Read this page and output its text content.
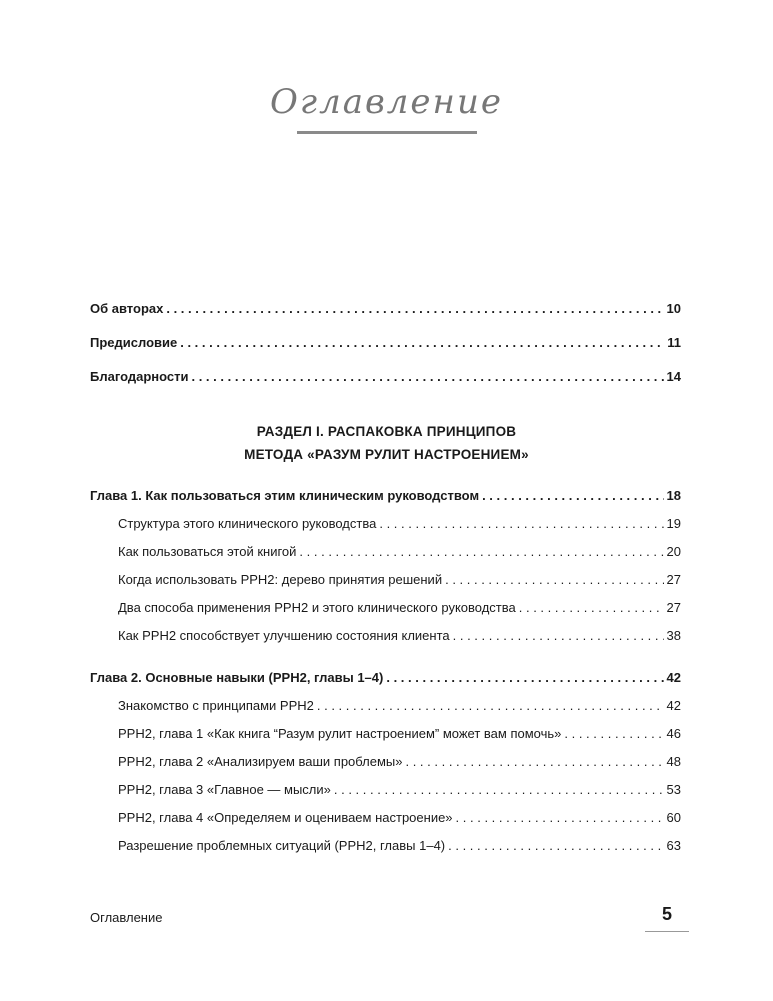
Оглавление
Об авторах . . .	10
Предисловие . . .	11
Благодарности . . .	14
РАЗДЕЛ I. РАСПАКОВКА ПРИНЦИПОВ
МЕТОДА «РАЗУМ РУЛИТ НАСТРОЕНИЕМ»
Глава 1. Как пользоваться этим клиническим руководством . . .	18
Структура этого клинического руководства . . .	19
Как пользоваться этой книгой . . .	20
Когда использовать РРН2: дерево принятия решений . . .	27
Два способа применения РРН2 и этого клинического руководства . . .	27
Как РРН2 способствует улучшению состояния клиента . . .	38
Глава 2. Основные навыки (РРН2, главы 1–4) . . .	42
Знакомство с принципами РРН2 . . .	42
РРН2, глава 1 «Как книга “Разум рулит настроением” может вам помочь» . . .	46
РРН2, глава 2 «Анализируем ваши проблемы» . . .	48
РРН2, глава 3 «Главное — мысли» . . .	53
РРН2, глава 4 «Определяем и оцениваем настроение» . . .	60
Разрешение проблемных ситуаций (РРН2, главы 1–4) . . .	63
Оглавление	5
